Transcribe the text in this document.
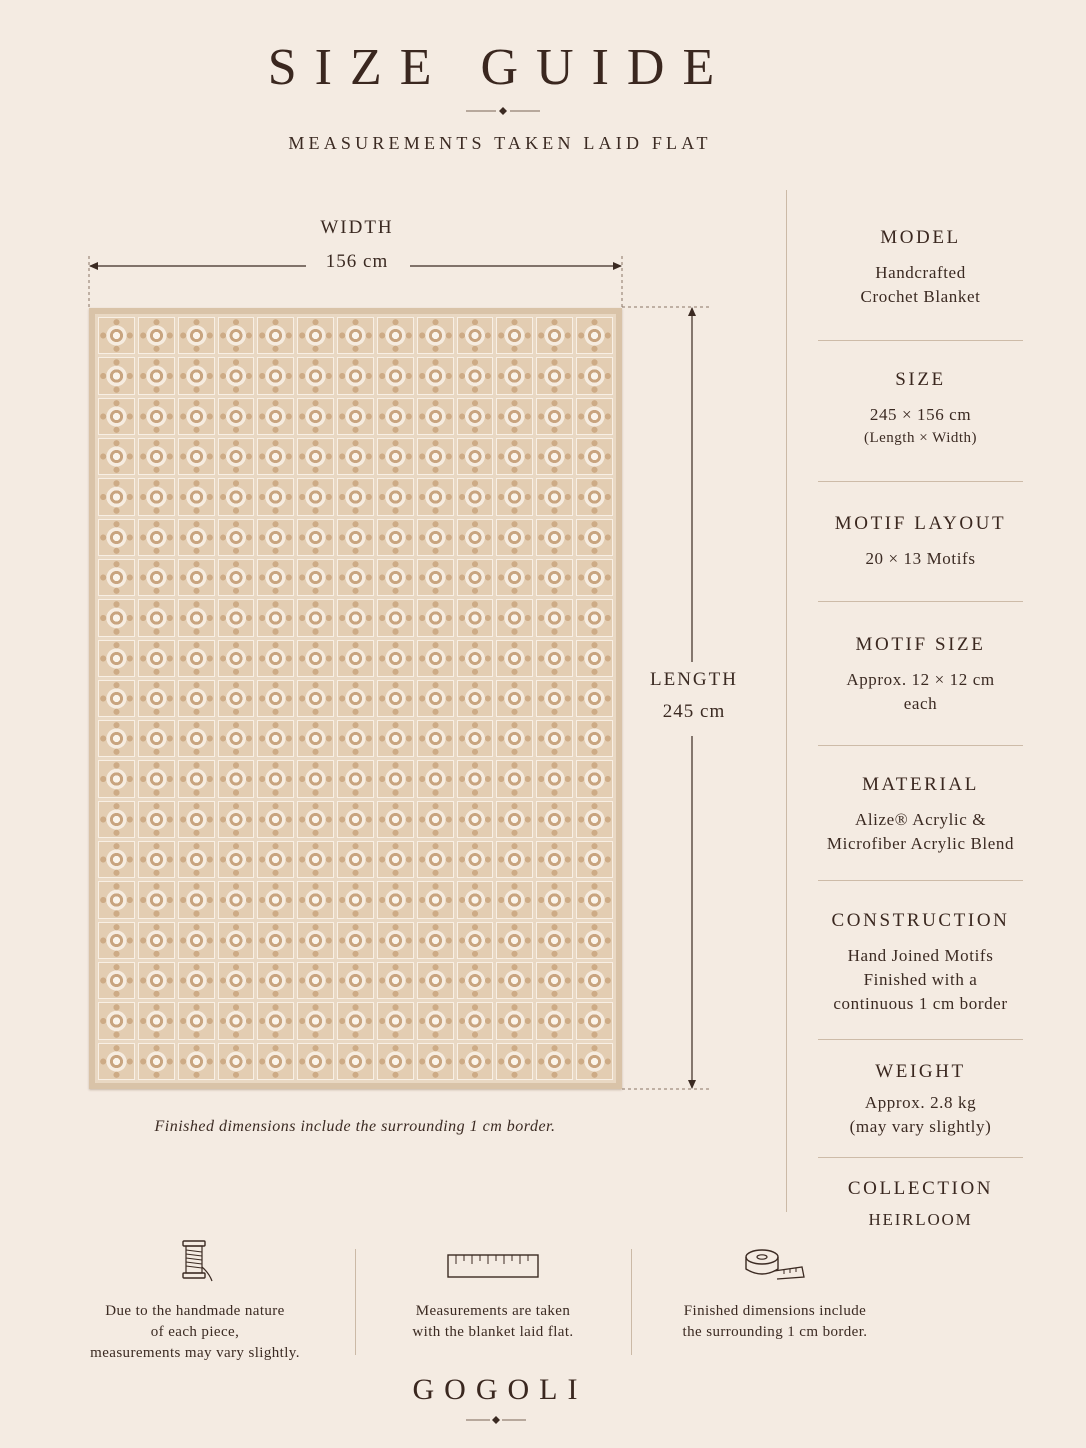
SIZE GUIDE
MEASUREMENTS TAKEN LAID FLAT
WIDTH
156 cm
LENGTH
245 cm
Finished dimensions include the surrounding 1 cm border.
MODEL
Handcrafted
Crochet Blanket
SIZE
245 × 156 cm
(Length × Width)
MOTIF LAYOUT
20 × 13 Motifs
MOTIF SIZE
Approx. 12 × 12 cm
each
MATERIAL
Alize® Acrylic &
Microfiber Acrylic Blend
CONSTRUCTION
Hand Joined Motifs
Finished with a
continuous 1 cm border
WEIGHT
Approx. 2.8 kg
(may vary slightly)
COLLECTION
HEIRLOOM
Due to the handmade nature
of each piece,
measurements may vary slightly.
Measurements are taken
with the blanket laid flat.
Finished dimensions include
the surrounding 1 cm border.
GOGOLI
